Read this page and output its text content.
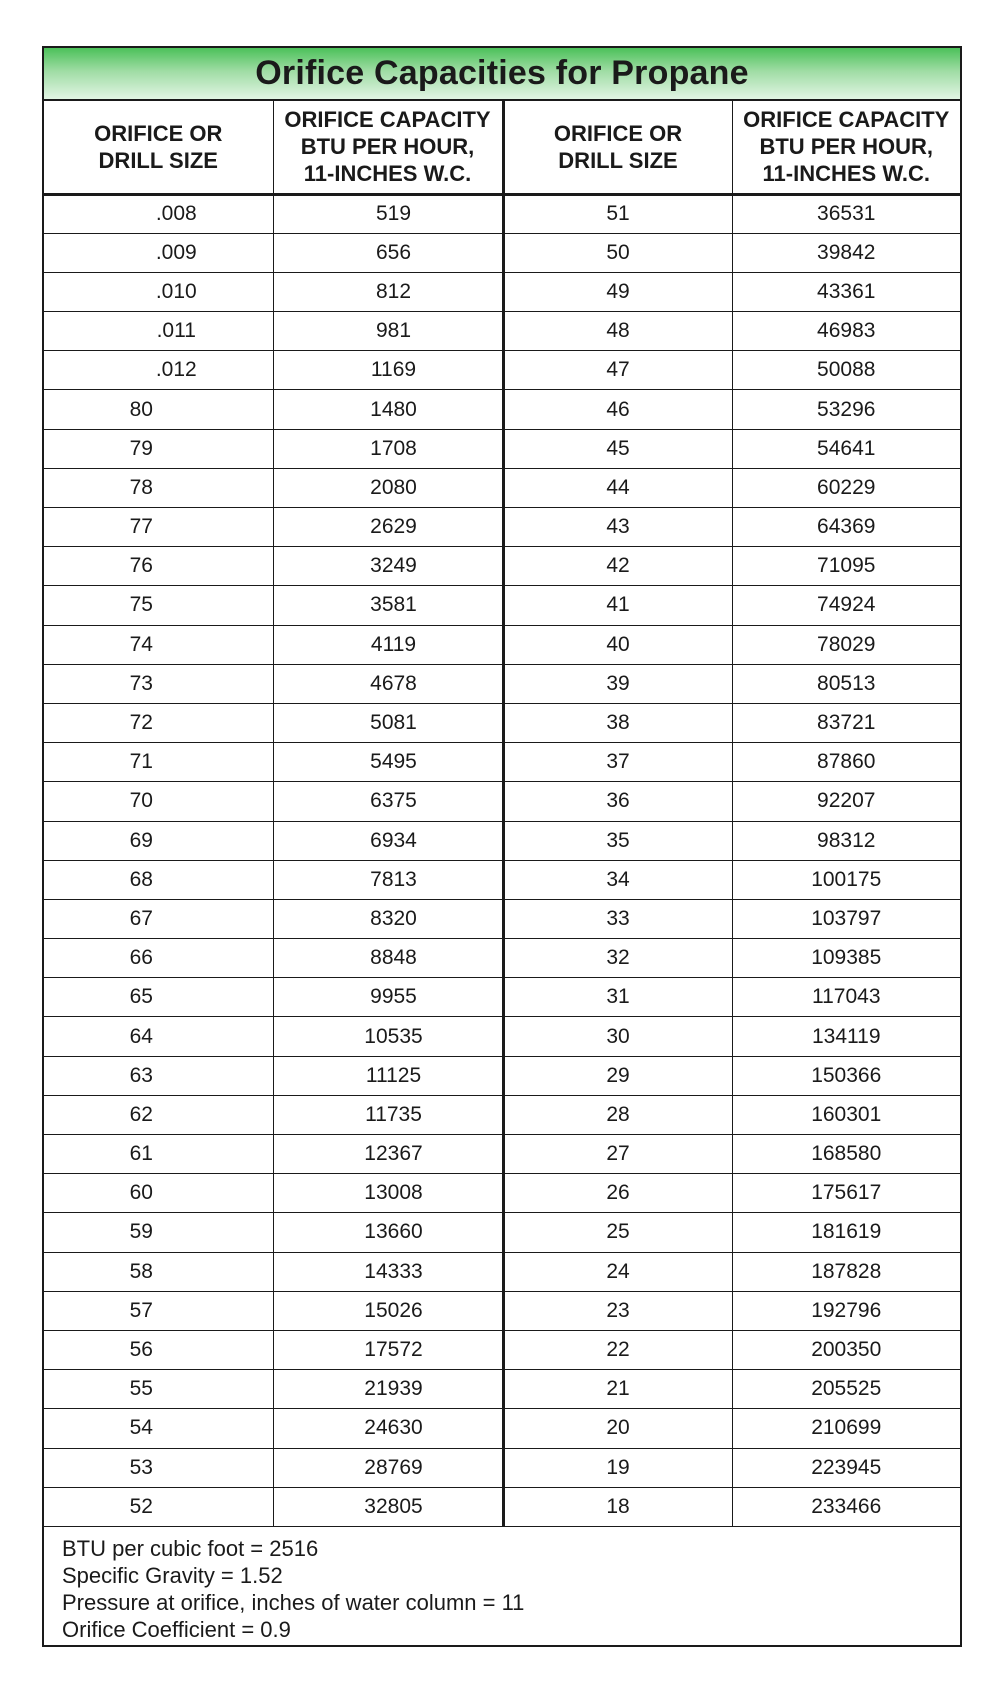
Orifice Capacities for Propane
ORIFICE OR
DRILL SIZE	ORIFICE CAPACITY
BTU PER HOUR,
11-INCHES W.C.	ORIFICE OR
DRILL SIZE	ORIFICE CAPACITY
BTU PER HOUR,
11-INCHES W.C.
.008	519	51	36531
.009	656	50	39842
.010	812	49	43361
.011	981	48	46983
.012	1169	47	50088
80	1480	46	53296
79	1708	45	54641
78	2080	44	60229
77	2629	43	64369
76	3249	42	71095
75	3581	41	74924
74	4119	40	78029
73	4678	39	80513
72	5081	38	83721
71	5495	37	87860
70	6375	36	92207
69	6934	35	98312
68	7813	34	100175
67	8320	33	103797
66	8848	32	109385
65	9955	31	117043
64	10535	30	134119
63	11125	29	150366
62	11735	28	160301
61	12367	27	168580
60	13008	26	175617
59	13660	25	181619
58	14333	24	187828
57	15026	23	192796
56	17572	22	200350
55	21939	21	205525
54	24630	20	210699
53	28769	19	223945
52	32805	18	233466
BTU per cubic foot = 2516
Specific Gravity = 1.52
Pressure at orifice, inches of water column = 11
Orifice Coefficient = 0.9
